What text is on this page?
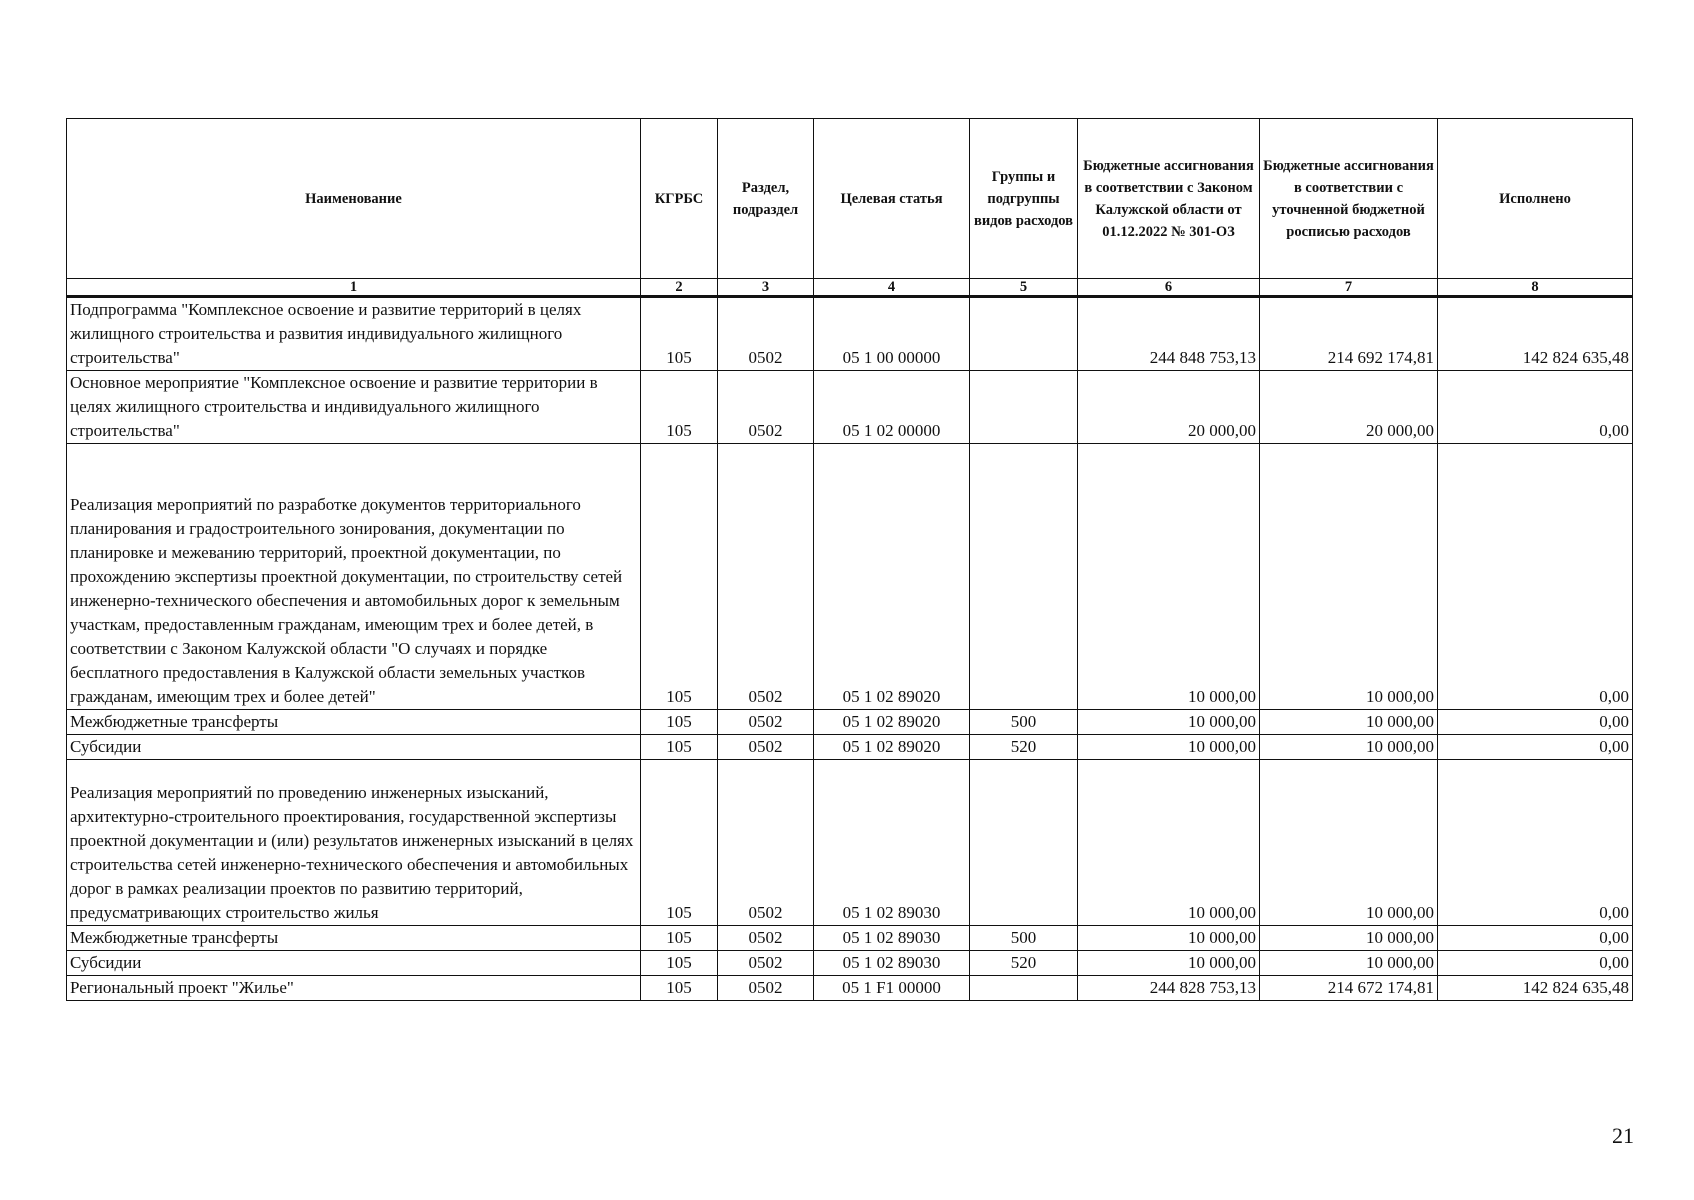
Наименование	КГРБС	Раздел, подраздел	Целевая статья	Группы и подгруппы видов расходов	Бюджетные ассигнования в соответствии с Законом Калужской области от 01.12.2022 № 301-ОЗ	Бюджетные ассигнования в соответствии с уточненной бюджетной росписью расходов	Исполнено
1	2	3	4	5	6	7	8
Подпрограмма "Комплексное освоение и развитие территорий в целях жилищного строительства и развития индивидуального жилищного строительства"	105	0502	05 1 00 00000		244 848 753,13	214 692 174,81	142 824 635,48
Основное мероприятие "Комплексное освоение и развитие территории в целях жилищного строительства и индивидуального жилищного строительства"	105	0502	05 1 02 00000		20 000,00	20 000,00	0,00
Реализация мероприятий по разработке документов территориального планирования и градостроительного зонирования, документации по планировке и межеванию территорий, проектной документации, по прохождению экспертизы проектной документации, по строительству сетей инженерно-технического обеспечения и автомобильных дорог к земельным участкам, предоставленным гражданам, имеющим трех и более детей, в соответствии с Законом Калужской области "О случаях и порядке бесплатного предоставления в Калужской области земельных участков гражданам, имеющим трех и более детей"	105	0502	05 1 02 89020		10 000,00	10 000,00	0,00
Межбюджетные трансферты	105	0502	05 1 02 89020	500	10 000,00	10 000,00	0,00
Субсидии	105	0502	05 1 02 89020	520	10 000,00	10 000,00	0,00
Реализация мероприятий по проведению инженерных изысканий, архитектурно-строительного проектирования, государственной экспертизы проектной документации и (или) результатов инженерных изысканий в целях строительства сетей инженерно-технического обеспечения и автомобильных дорог в рамках реализации проектов по развитию территорий, предусматривающих строительство жилья	105	0502	05 1 02 89030		10 000,00	10 000,00	0,00
Межбюджетные трансферты	105	0502	05 1 02 89030	500	10 000,00	10 000,00	0,00
Субсидии	105	0502	05 1 02 89030	520	10 000,00	10 000,00	0,00
Региональный проект "Жилье"	105	0502	05 1 F1 00000		244 828 753,13	214 672 174,81	142 824 635,48
21
